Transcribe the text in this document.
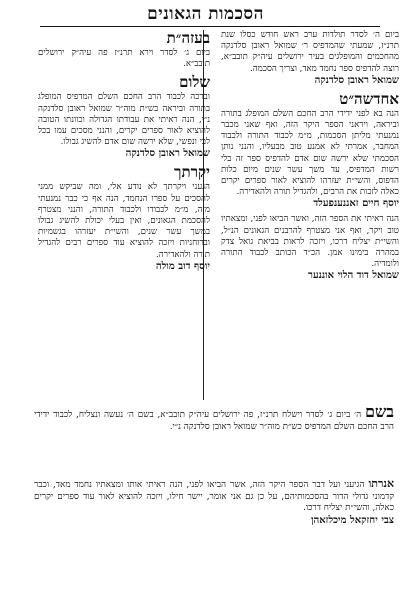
הסכמות הגאונים
ביום ה׳ לסדר תולדות ערב ראש חודש כסלו שנת תרנ״ז, שמעתי שהמדפיס ר׳ שמואל ראובן סלדנקה מהחכמים והמופלגים בעיר ירושלים עיה״ק תובב״א, רוצה להדפיס ספר נחמד מאד, וצריך הסכמה.
שמואל ראובן סלדנקה
אחדשה״ט
הנה בא לפני ידידי הרב החכם השלם המופלג בתורה וביראה, ויראני הספר היקר הזה, ואף שאני מכבר נמנעתי מליתן הסכמות, מ״מ לכבוד התורה ולכבוד המחבר, אמרתי לא אמנע טוב מבעליו, והנני נותן הסכמתי שלא ירשה שום אדם להדפיס ספר זה בלי רשות המדפיס, עד משך עשר שנים מיום כלות הדפוס, והשי״ת יעזרהו להוציא לאור ספרים יקרים כאלה לזכות את הרבים, ולהגדיל תורה ולהאדירה.
יוסף חיים זאננענפעלד
הנה ראיתי את הספר הזה, ואשר הביאו לפני, ומצאתיו טוב ויקר, ואף אני מצטרף להרבנים הגאונים הנ״ל, והשי״ת יצליח דרכו, ויזכה לראות בביאת גואל צדק במהרה בימינו אמן. הכ״ד הכותב לכבוד התורה ולומדיה.
שמואל דוד הלוי אוננער
בעזה״ת
ביום ג׳ לסדר וירא תרנ״ז פה עיה״ק ירושלים תובב״א.
שלום
וברכה לכבוד הרב החכם השלם המדפיס המופלג בתורה וביראה כש״ת מוה״ר שמואל ראובן סלדנקה נ״י, הנה ראיתי את עבודתו הגדולה וכוונתו הטובה להוציא לאור ספרים יקרים, והנני מסכים עמו בכל לבי ונפשי, שלא ירשה שום אדם להשיג גבולו.
שמואל ראובן סלדנקה
יקרתך
הגעני ויקרתך לא נודע אלי, ומה שביקש ממני להסכים על ספרו הנחמד, הנה אף כי כבר נמנעתי מזה, מ״מ לכבודו ולכבוד התורה, והנני מצטרף להסכמת הגאונים, ואין בעלי יכולת להשיג גבולו במשך עשר שנים, והשי״ת יעזרהו בגשמיות וברוחניות ויזכה להוציא עוד ספרים רבים להגדיל תורה ולהאדירה.
יוסף דוב מולה
בשם ה׳ ביום ג׳ לסדר וישלח תרנ״ז, פה ירושלים עיה״ק תובב״א, בשם ה׳ נעשה ונצליח, לכבוד ידידי הרב החכם השלם המדפיס כש״ת מוה״ר שמואל ראובן סלדנקה נ״י.
אנרתו הגיעני ועל דבר הספר היקר הזה, אשר הביאו לפני, הנה ראיתי אותו ומצאתיו נחמד מאד, וכבר קדמוני גדולי הדור בהסכמותיהם, על כן גם אני אומר, יישר חילו, ויזכה להוציא לאור עוד ספרים יקרים כאלה, והשי״ת יצליח דרכו.
צבי יחזקאל מיכלזאהן
